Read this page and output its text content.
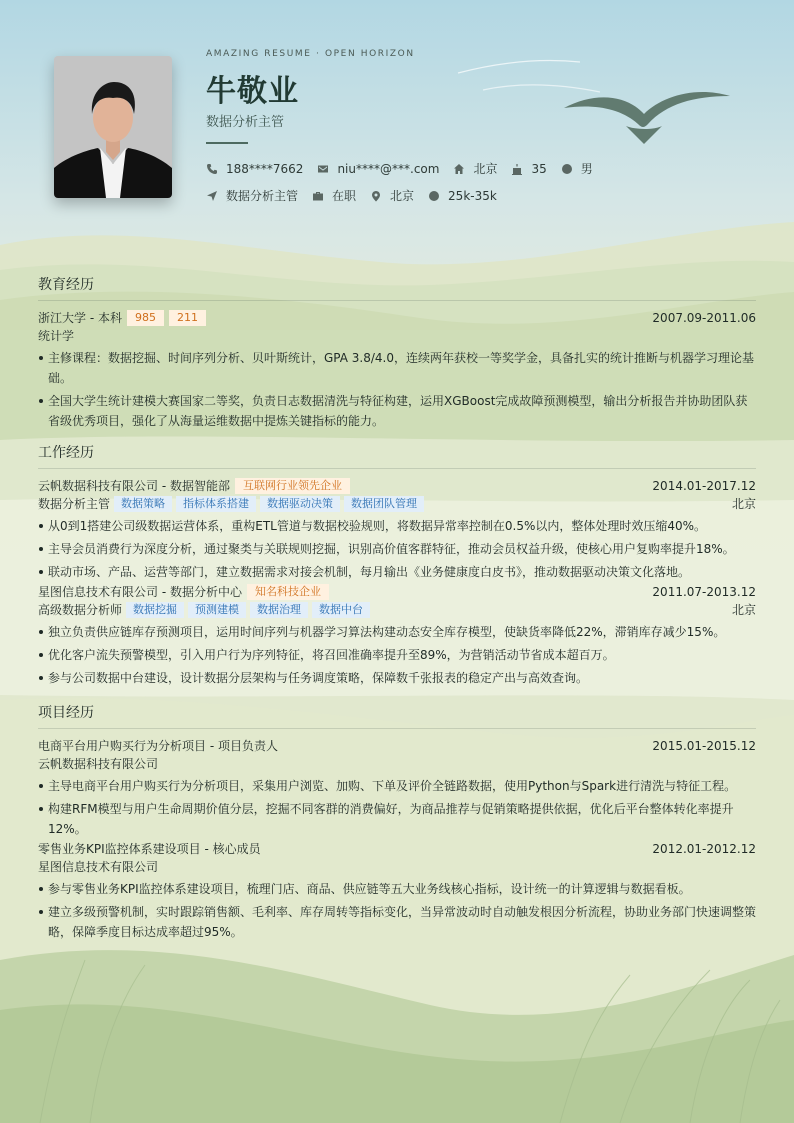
AMAZING RESUME · OPEN HORIZON
牛敬业
数据分析主管
188****7662	niu****@***.com	北京	35	男
数据分析主管	在职	北京	25k-35k
教育经历
浙江大学 - 本科	985	211	2007.09-2011.06
统计学
主修课程：数据挖掘、时间序列分析、贝叶斯统计，GPA 3.8/4.0，连续两年获校一等奖学金，具备扎实的统计推断与机器学习理论基础。
全国大学生统计建模大赛国家二等奖，负责日志数据清洗与特征构建，运用XGBoost完成故障预测模型，输出分析报告并协助团队获省级优秀项目，强化了从海量运维数据中提炼关键指标的能力。
工作经历
云帆数据科技有限公司 - 数据智能部	互联网行业领先企业	2014.01-2017.12
数据分析主管	数据策略	指标体系搭建	数据驱动决策	数据团队管理	北京
从0到1搭建公司级数据运营体系，重构ETL管道与数据校验规则，将数据异常率控制在0.5%以内，整体处理时效压缩40%。
主导会员消费行为深度分析，通过聚类与关联规则挖掘，识别高价值客群特征，推动会员权益升级，使核心用户复购率提升18%。
联动市场、产品、运营等部门，建立数据需求对接会机制，每月输出《业务健康度白皮书》，推动数据驱动决策文化落地。
星图信息技术有限公司 - 数据分析中心	知名科技企业	2011.07-2013.12
高级数据分析师	数据挖掘	预测建模	数据治理	数据中台	北京
独立负责供应链库存预测项目，运用时间序列与机器学习算法构建动态安全库存模型，使缺货率降低22%，滞销库存减少15%。
优化客户流失预警模型，引入用户行为序列特征，将召回准确率提升至89%，为营销活动节省成本超百万。
参与公司数据中台建设，设计数据分层架构与任务调度策略，保障数千张报表的稳定产出与高效查询。
项目经历
电商平台用户购买行为分析项目 - 项目负责人	2015.01-2015.12
云帆数据科技有限公司
主导电商平台用户购买行为分析项目，采集用户浏览、加购、下单及评价全链路数据，使用Python与Spark进行清洗与特征工程。
构建RFM模型与用户生命周期价值分层，挖掘不同客群的消费偏好，为商品推荐与促销策略提供依据，优化后平台整体转化率提升12%。
零售业务KPI监控体系建设项目 - 核心成员	2012.01-2012.12
星图信息技术有限公司
参与零售业务KPI监控体系建设项目，梳理门店、商品、供应链等五大业务线核心指标，设计统一的计算逻辑与数据看板。
建立多级预警机制，实时跟踪销售额、毛利率、库存周转等指标变化，当异常波动时自动触发根因分析流程，协助业务部门快速调整策略，保障季度目标达成率超过95%。
